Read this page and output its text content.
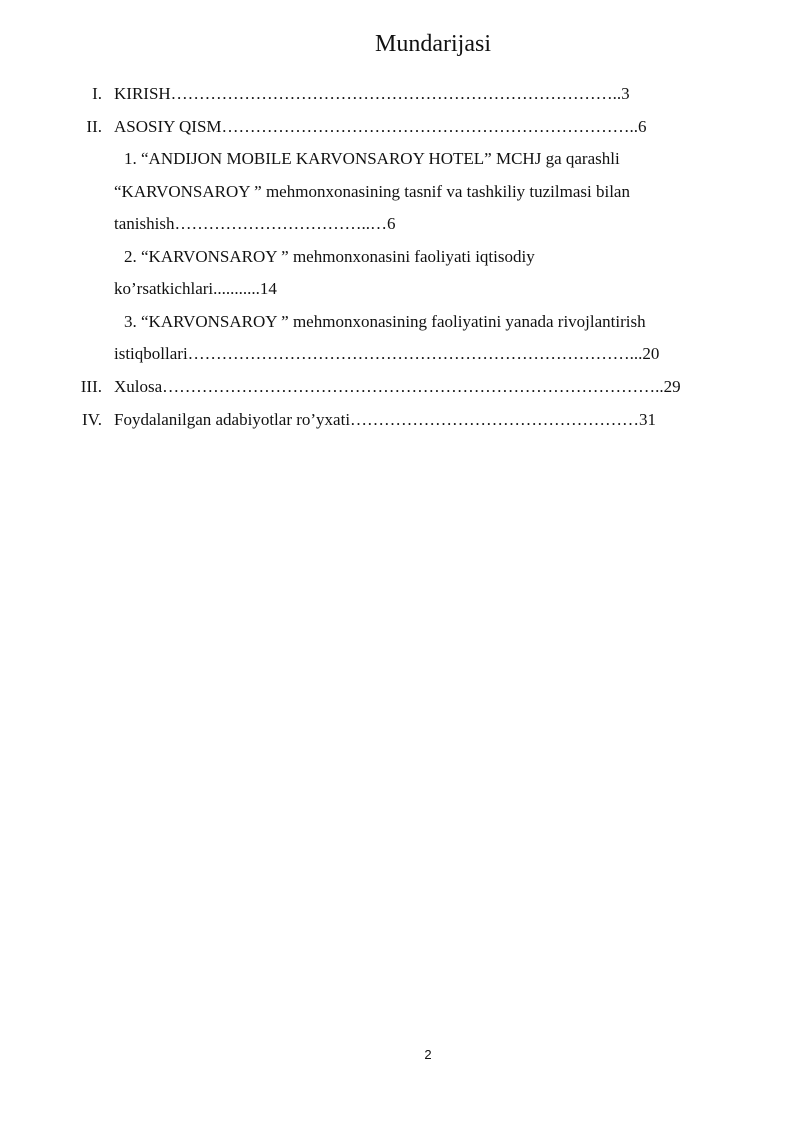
Mundarijasi
I. KIRISH……………………………………………………………………..3
II. ASOSIY QISM………………………………………………………………..6
1. “ANDIJON MOBILE KARVONSAROY HOTEL” MCHJ ga qarashli
“KARVONSAROY ” mehmonxonasining tasnif va tashkiliy tuzilmasi bilan
tanishish……………………………..…6
2. “KARVONSAROY ” mehmonxonasini faoliyati iqtisodiy
ko’rsatkichlari...........14
3. “KARVONSAROY ” mehmonxonasining faoliyatini yanada rivojlantirish
istiqbollari……………………………………………………………………...20
III. Xulosa……………………………………………………………………………..29
IV. Foydalanilgan adabiyotlar ro’yxati……………………………………………31
2
